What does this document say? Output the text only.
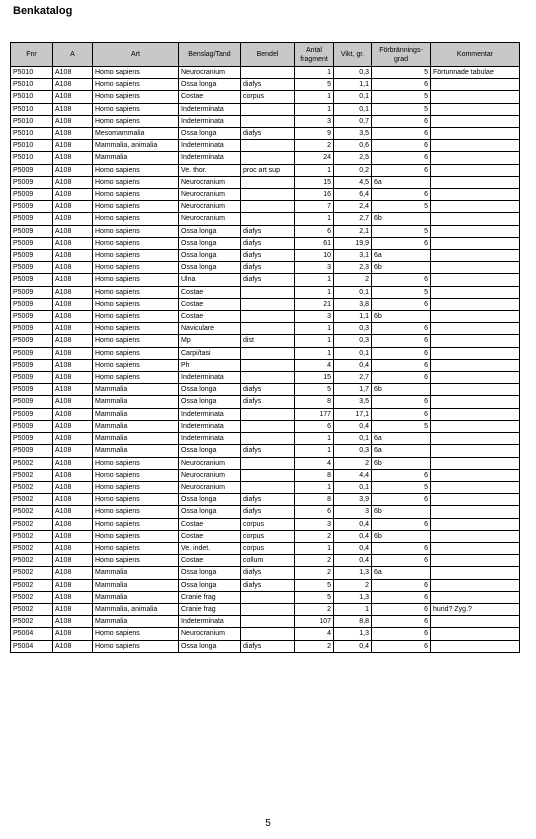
Benkatalog
Fnr	A	Art	Benslag/Tand	Bendel	Antal fragment	Vikt, gr.	Förbrännings-grad	Kommentar
P5010	A108	Homo sapiens	Neurocranium		1	0,3	5	Förtunnade tabulae
P5010	A108	Homo sapiens	Ossa longa	diafys	5	1,1	6	
P5010	A108	Homo sapiens	Costae	corpus	1	0,1	5	
P5010	A108	Homo sapiens	Indeterminata		1	0,1	5	
P5010	A108	Homo sapiens	Indeterminata		3	0,7	6	
P5010	A108	Mesomammalia	Ossa longa	diafys	9	3,5	6	
P5010	A108	Mammalia, animalia	Indeterminata		2	0,6	6	
P5010	A108	Mammalia	Indeterminata		24	2,5	6	
P5009	A108	Homo sapiens	Ve. thor.	proc art sup	1	0,2	6	
P5009	A108	Homo sapiens	Neurocranium		15	4,5	6a	
P5009	A108	Homo sapiens	Neurocranium		16	6,4	6	
P5009	A108	Homo sapiens	Neurocranium		7	2,4	5	
P5009	A108	Homo sapiens	Neurocranium		1	2,7	6b	
P5009	A108	Homo sapiens	Ossa longa	diafys	6	2,1	5	
P5009	A108	Homo sapiens	Ossa longa	diafys	61	19,9	6	
P5009	A108	Homo sapiens	Ossa longa	diafys	10	3,1	6a	
P5009	A108	Homo sapiens	Ossa longa	diafys	3	2,3	6b	
P5009	A108	Homo sapiens	Ulna	diafys	1	2	6	
P5009	A108	Homo sapiens	Costae		1	0,1	5	
P5009	A108	Homo sapiens	Costae		21	3,8	6	
P5009	A108	Homo sapiens	Costae		3	1,1	6b	
P5009	A108	Homo sapiens	Naviculare		1	0,3	6	
P5009	A108	Homo sapiens	Mp	dist	1	0,3	6	
P5009	A108	Homo sapiens	Carpi/tasi		1	0,1	6	
P5009	A108	Homo sapiens	Ph		4	0,4	6	
P5009	A108	Homo sapiens	Indeterminata		15	2,7	6	
P5009	A108	Mammalia	Ossa longa	diafys	5	1,7	6b	
P5009	A108	Mammalia	Ossa longa	diafys	8	3,5	6	
P5009	A108	Mammalia	Indeterminata		177	17,1	6	
P5009	A108	Mammalia	Indeterminata		6	0,4	5	
P5009	A108	Mammalia	Indeterminata		1	0,1	6a	
P5009	A108	Mammalia	Ossa longa	diafys	1	0,3	6a	
P5002	A108	Homo sapiens	Neurocranium		4	2	6b	
P5002	A108	Homo sapiens	Neurocranium		8	4,4	6	
P5002	A108	Homo sapiens	Neurocranium		1	0,1	5	
P5002	A108	Homo sapiens	Ossa longa	diafys	8	3,9	6	
P5002	A108	Homo sapiens	Ossa longa	diafys	6	3	6b	
P5002	A108	Homo sapiens	Costae	corpus	3	0,4	6	
P5002	A108	Homo sapiens	Costae	corpus	2	0,4	6b	
P5002	A108	Homo sapiens	Ve. indet.	corpus	1	0,4	6	
P5002	A108	Homo sapiens	Costae	collum	2	0,4	6	
P5002	A108	Mammalia	Ossa longa	diafys	2	1,3	6a	
P5002	A108	Mammalia	Ossa longa	diafys	5	2	6	
P5002	A108	Mammalia	Cranie frag		5	1,3	6	
P5002	A108	Mammalia, animalia	Cranie frag		2	1	6	hund? Zyg.?
P5002	A108	Mammalia	Indeterminata		107	8,8	6	
P5004	A108	Homo sapiens	Neurocranium		4	1,3	6	
P5004	A108	Homo sapiens	Ossa longa	diafys	2	0,4	6	
5
